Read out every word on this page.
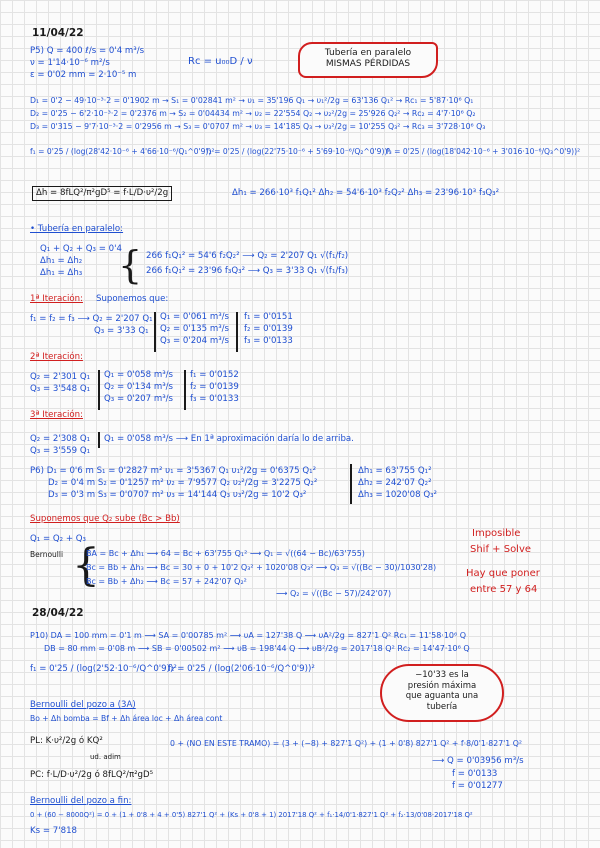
11/04/22
P5) Q = 400 ℓ/s = 0'4 m³/s
ν = 1'14·10⁻⁶ m²/s
ε = 0'02 mm = 2·10⁻⁵ m
Rc = u₀₀D / ν
Tubería en paralelo
MISMAS PÉRDIDAS
D₁ = 0'2 − 49·10⁻³·2 = 0'1902 m → S₁ = 0'02841 m² → υ₁ = 35'196 Q₁ → υ₁²/2g = 63'136 Q₁² → Rc₁ = 5'87·10⁶ Q₁
D₂ = 0'25 − 6'2·10⁻³·2 = 0'2376 m → S₂ = 0'04434 m² → υ₂ = 22'554 Q₂ → υ₂²/2g = 25'926 Q₂² → Rc₂ = 4'7·10⁶ Q₂
D₃ = 0'315 − 9'7·10⁻³·2 = 0'2956 m → S₃ = 0'0707 m² → υ₃ = 14'185 Q₃ → υ₃²/2g = 10'255 Q₃² → Rc₃ = 3'728·10⁶ Q₃
f₁ = 0'25 / (log(28'42·10⁻⁶ + 4'66·10⁻⁶/Q₁^0'9))²
f₂ = 0'25 / (log(22'75·10⁻⁶ + 5'69·10⁻⁶/Q₂^0'9))²
f₃ = 0'25 / (log(18'042·10⁻⁶ + 3'016·10⁻⁶/Q₃^0'9))²
Δh = 8fLQ²/π²gD⁵ = f·L/D·υ²/2g	Δh₁ = 266·10³ f₁Q₁² Δh₂ = 54'6·10³ f₂Q₂² Δh₃ = 23'96·10³ f₃Q₃²
• Tubería en paralelo:
Q₁ + Q₂ + Q₃ = 0'4
Δh₁ = Δh₂
Δh₁ = Δh₃ { 266 f₁Q₁² = 54'6 f₂Q₂² ⟶ Q₂ = 2'207 Q₁ √(f₁/f₂)
266 f₁Q₁² = 23'96 f₃Q₃² ⟶ Q₃ = 3'33 Q₁ √(f₁/f₃)
1ª Iteración: Suponemos que:
f₁ = f₂ = f₃ ⟶ Q₂ = 2'207 Q₁
Q₃ = 3'33 Q₁
Q₁ = 0'061 m³/s
Q₂ = 0'135 m³/s
Q₃ = 0'204 m³/s
f₁ = 0'0151
f₂ = 0'0139
f₃ = 0'0133
2ª Iteración:
Q₂ = 2'301 Q₁
Q₃ = 3'548 Q₁
Q₁ = 0'058 m³/s
Q₂ = 0'134 m³/s
Q₃ = 0'207 m³/s
f₁ = 0'0152
f₂ = 0'0139
f₃ = 0'0133
3ª Iteración:
Q₂ = 2'308 Q₁
Q₃ = 3'559 Q₁
Q₁ = 0'058 m³/s ⟶ En 1ª aproximación daría lo de arriba.
P6) D₁ = 0'6 m S₁ = 0'2827 m² υ₁ = 3'5367 Q₁ υ₁²/2g = 0'6375 Q₁²
D₂ = 0'4 m S₂ = 0'1257 m² υ₂ = 7'9577 Q₂ υ₂²/2g = 3'2275 Q₂²
D₃ = 0'3 m S₃ = 0'0707 m² υ₃ = 14'144 Q₃ υ₃²/2g = 10'2 Q₃²
Δh₁ = 63'755 Q₁²
Δh₂ = 242'07 Q₂²
Δh₃ = 1020'08 Q₃²
Suponemos que Q₂ sube (Bc > Bb)
Q₁ = Q₂ + Q₃
Bernoulli {
BA = Bc + Δh₁ ⟶ 64 = Bc + 63'755 Q₁² ⟶ Q₁ = √((64 − Bc)/63'755)
Bc = Bb + Δh₃ ⟶ Bc = 30 + 0 + 10'2 Q₃² + 1020'08 Q₃² ⟶ Q₃ = √((Bc − 30)/1030'28)
Bc = Bb + Δh₂ ⟶ Bc = 57 + 242'07 Q₂²
⟶ Q₂ = √((Bc − 57)/242'07)
Imposible
Shif + Solve
Hay que poner
entre 57 y 64
28/04/22
P10) DA = 100 mm = 0'1 m ⟶ SA = 0'00785 m² ⟶ υA = 127'38 Q ⟶ υA²/2g = 827'1 Q² Rc₁ = 11'58·10⁶ Q
DB = 80 mm = 0'08 m ⟶ SB = 0'00502 m² ⟶ υB = 198'44 Q ⟶ υB²/2g = 2017'18 Q² Rc₂ = 14'47·10⁶ Q
f₁ = 0'25 / (log(2'52·10⁻⁶/Q^0'9))²
f₂ = 0'25 / (log(2'06·10⁻⁶/Q^0'9))²
−10'33 es la
presión máxima
que aguanta una
tubería
Bernoulli del pozo a (3A)
Bo + Δh bomba = Bf + Δh área loc + Δh área cont
PL: K·υ²/2g ó KQ²
ud. adim
0 + (NO EN ESTE TRAMO) = (3 + (−8) + 827'1 Q²) + (1 + 0'8) 827'1 Q² + f·8/0'1·827'1 Q²
⟶ Q = 0'03956 m³/s
f = 0'0133
f = 0'01277
PC: f·L/D·υ²/2g ó 8fLQ²/π²gD⁵
Bernoulli del pozo a fin:
0 + (60 − 8000Q²) = 0 + (1 + 0'8 + 4 + 0'5) 827'1 Q² + (Ks + 0'8 + 1) 2017'18 Q² + f₁·14/0'1·827'1 Q² + f₂·13/0'08·2017'18 Q²
Ks = 7'818
